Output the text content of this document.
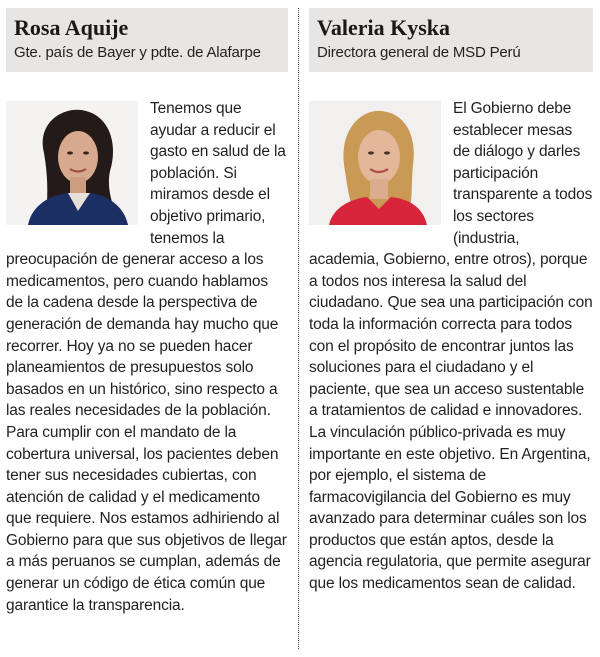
Rosa Aquije
Gte. país de Bayer y pdte. de Alafarpe

Tenemos que ayudar a reducir el gasto en salud de la población. Si miramos desde el objetivo primario, tenemos la preocupación de generar acceso a los medicamentos, pero cuando hablamos de la cadena desde la perspectiva de generación de demanda hay mucho que recorrer. Hoy ya no se pueden hacer planeamientos de presupuestos solo basados en un histórico, sino respecto a las reales necesidades de la población. Para cumplir con el mandato de la cobertura universal, los pacientes deben tener sus necesidades cubiertas, con atención de calidad y el medicamento que requiere. Nos estamos adhiriendo al Gobierno para que sus objetivos de llegar a más peruanos se cumplan, además de generar un código de ética común que garantice la transparencia.

Valeria Kyska
Directora general de MSD Perú

El Gobierno debe establecer mesas de diálogo y darles participación transparente a todos los sectores (industria, academia, Gobierno, entre otros), porque a todos nos interesa la salud del ciudadano. Que sea una participación con toda la información correcta para todos con el propósito de encontrar juntos las soluciones para el ciudadano y el paciente, que sea un acceso sustentable a tratamientos de calidad e innovadores.

La vinculación público-privada es muy importante en este objetivo. En Argentina, por ejemplo, el sistema de farmacovigilancia del Gobierno es muy avanzado para determinar cuáles son los productos que están aptos, desde la agencia regulatoria, que permite asegurar que los medicamentos sean de calidad.
